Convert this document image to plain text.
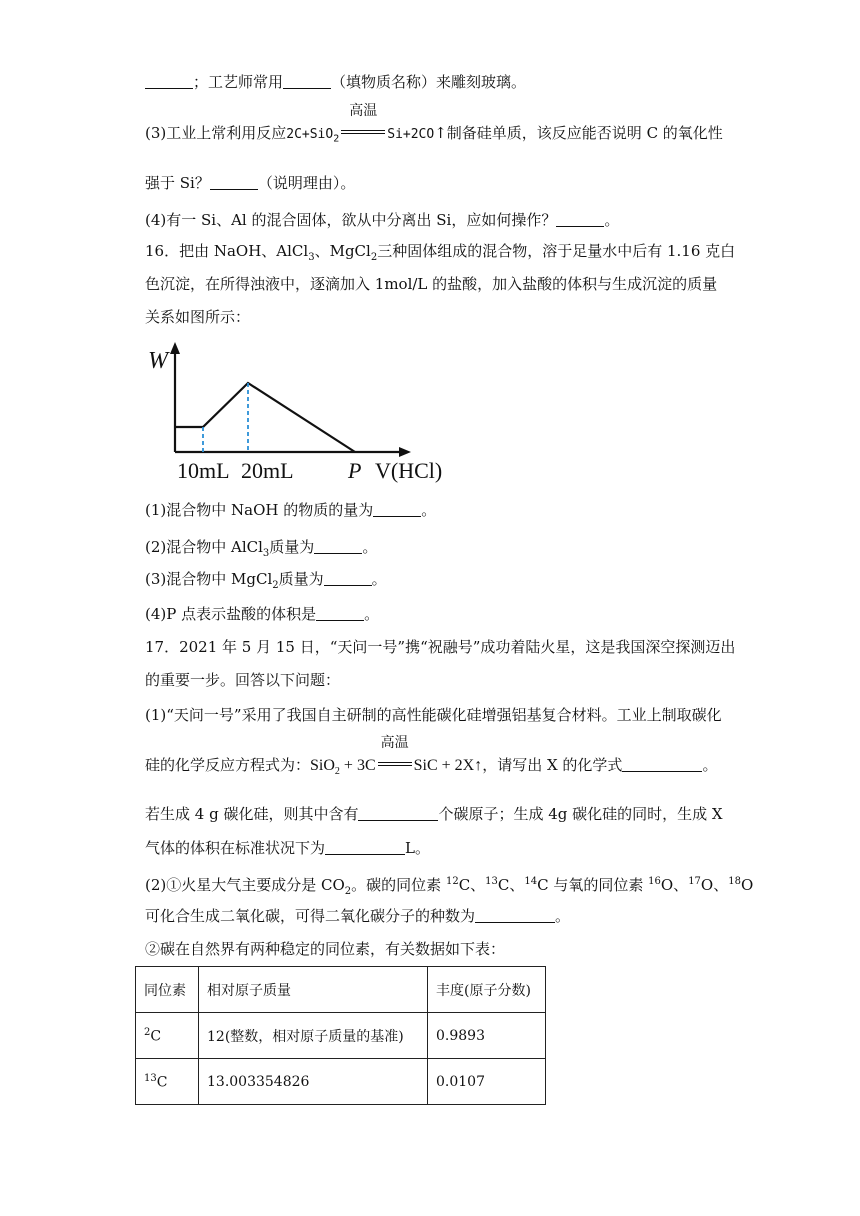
；工艺师常用	（填物质名称）来雕刻玻璃。
(3)工业上常利用反应2C+SiO$_2$
高温
Si+2CO↑制备硅单质，该反应能否说明 C 的氧化性
强于 Si？	（说明理由）。
(4)有一 Si、Al 的混合固体，欲从中分离出 Si，应如何操作？	。
16．把由 NaOH、AlCl$_3$、MgCl$_2$三种固体组成的混合物，溶于足量水中后有 1.16 克白
色沉淀，在所得浊液中，逐滴加入 1mol/L 的盐酸，加入盐酸的体积与生成沉淀的质量
关系如图所示：
W
10mL 20mL P V(HCl)
(1)混合物中 NaOH 的物质的量为	。
(2)混合物中 AlCl$_3$质量为	。
(3)混合物中 MgCl$_2$质量为	。
(4)P 点表示盐酸的体积是	。
17．2021 年 5 月 15 日，“天问一号”携“祝融号”成功着陆火星，这是我国深空探测迈出
的重要一步。回答以下问题：
(1)“天问一号”采用了我国自主研制的高性能碳化硅增强铝基复合材料。工业上制取碳化
硅的化学反应方程式为：SiO$_2$ + 3C
高温
SiC + 2X↑，请写出 X 的化学式	。
若生成 4 g 碳化硅，则其中含有	个碳原子；生成 4g 碳化硅的同时，生成 X
气体的体积在标准状况下为	L。
(2)①火星大气主要成分是 $CO_2$。碳的同位素 $^{12}$C、$^{13}$C、$^{14}$C 与氧的同位素 $^{16}$O、$^{17}$O、$^{18}$O
可化合生成二氧化碳，可得二氧化碳分子的种数为	。
②碳在自然界有两种稳定的同位素，有关数据如下表：
同位素	相对原子质量	丰度(原子分数)
$^2$C	12(整数，相对原子质量的基准)	0.9893
$^{13}$C	13.003354826	0.0107
